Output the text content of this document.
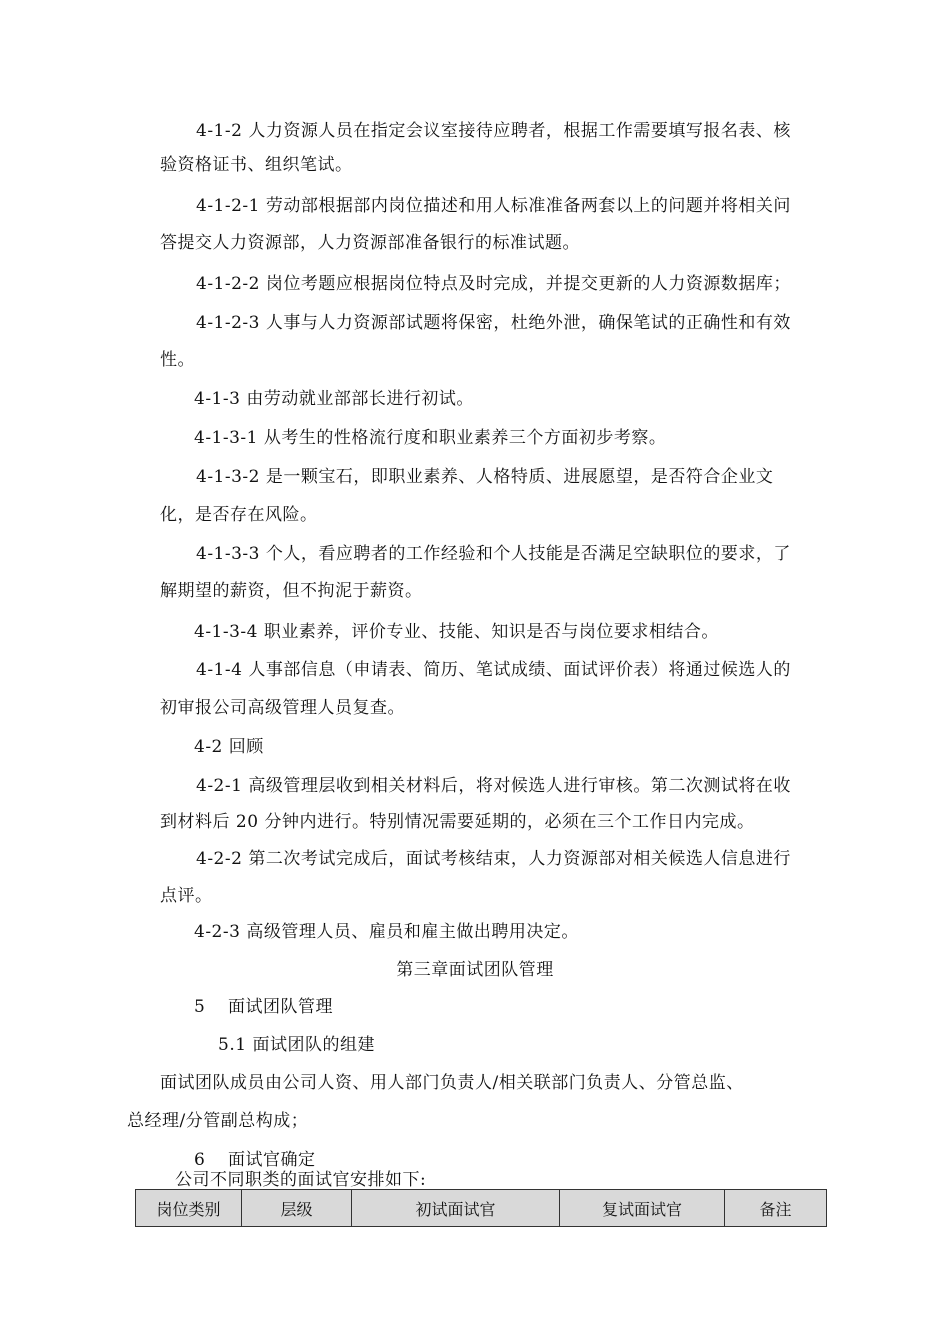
4-1-2 人力资源人员在指定会议室接待应聘者，根据工作需要填写报名表、核
验资格证书、组织笔试。
4-1-2-1 劳动部根据部内岗位描述和用人标准准备两套以上的问题并将相关问
答提交人力资源部，人力资源部准备银行的标准试题。
4-1-2-2 岗位考题应根据岗位特点及时完成，并提交更新的人力资源数据库；
4-1-2-3 人事与人力资源部试题将保密，杜绝外泄，确保笔试的正确性和有效
性。
4-1-3 由劳动就业部部长进行初试。
4-1-3-1 从考生的性格流行度和职业素养三个方面初步考察。
4-1-3-2 是一颗宝石，即职业素养、人格特质、进展愿望，是否符合企业文
化，是否存在风险。
4-1-3-3 个人，看应聘者的工作经验和个人技能是否满足空缺职位的要求，了
解期望的薪资，但不拘泥于薪资。
4-1-3-4 职业素养，评价专业、技能、知识是否与岗位要求相结合。
4-1-4 人事部信息（申请表、简历、笔试成绩、面试评价表）将通过候选人的
初审报公司高级管理人员复查。
4-2 回顾
4-2-1 高级管理层收到相关材料后，将对候选人进行审核。第二次测试将在收
到材料后 20 分钟内进行。特别情况需要延期的，必须在三个工作日内完成。
4-2-2 第二次考试完成后，面试考核结束，人力资源部对相关候选人信息进行
点评。
4-2-3 高级管理人员、雇员和雇主做出聘用决定。
第三章面试团队管理
5 面试团队管理
5.1 面试团队的组建
面试团队成员由公司人资、用人部门负责人/相关联部门负责人、分管总监、
总经理/分管副总构成；
6 面试官确定
公司不同职类的面试官安排如下:
岗位类别	层级	初试面试官	复试面试官	备注
